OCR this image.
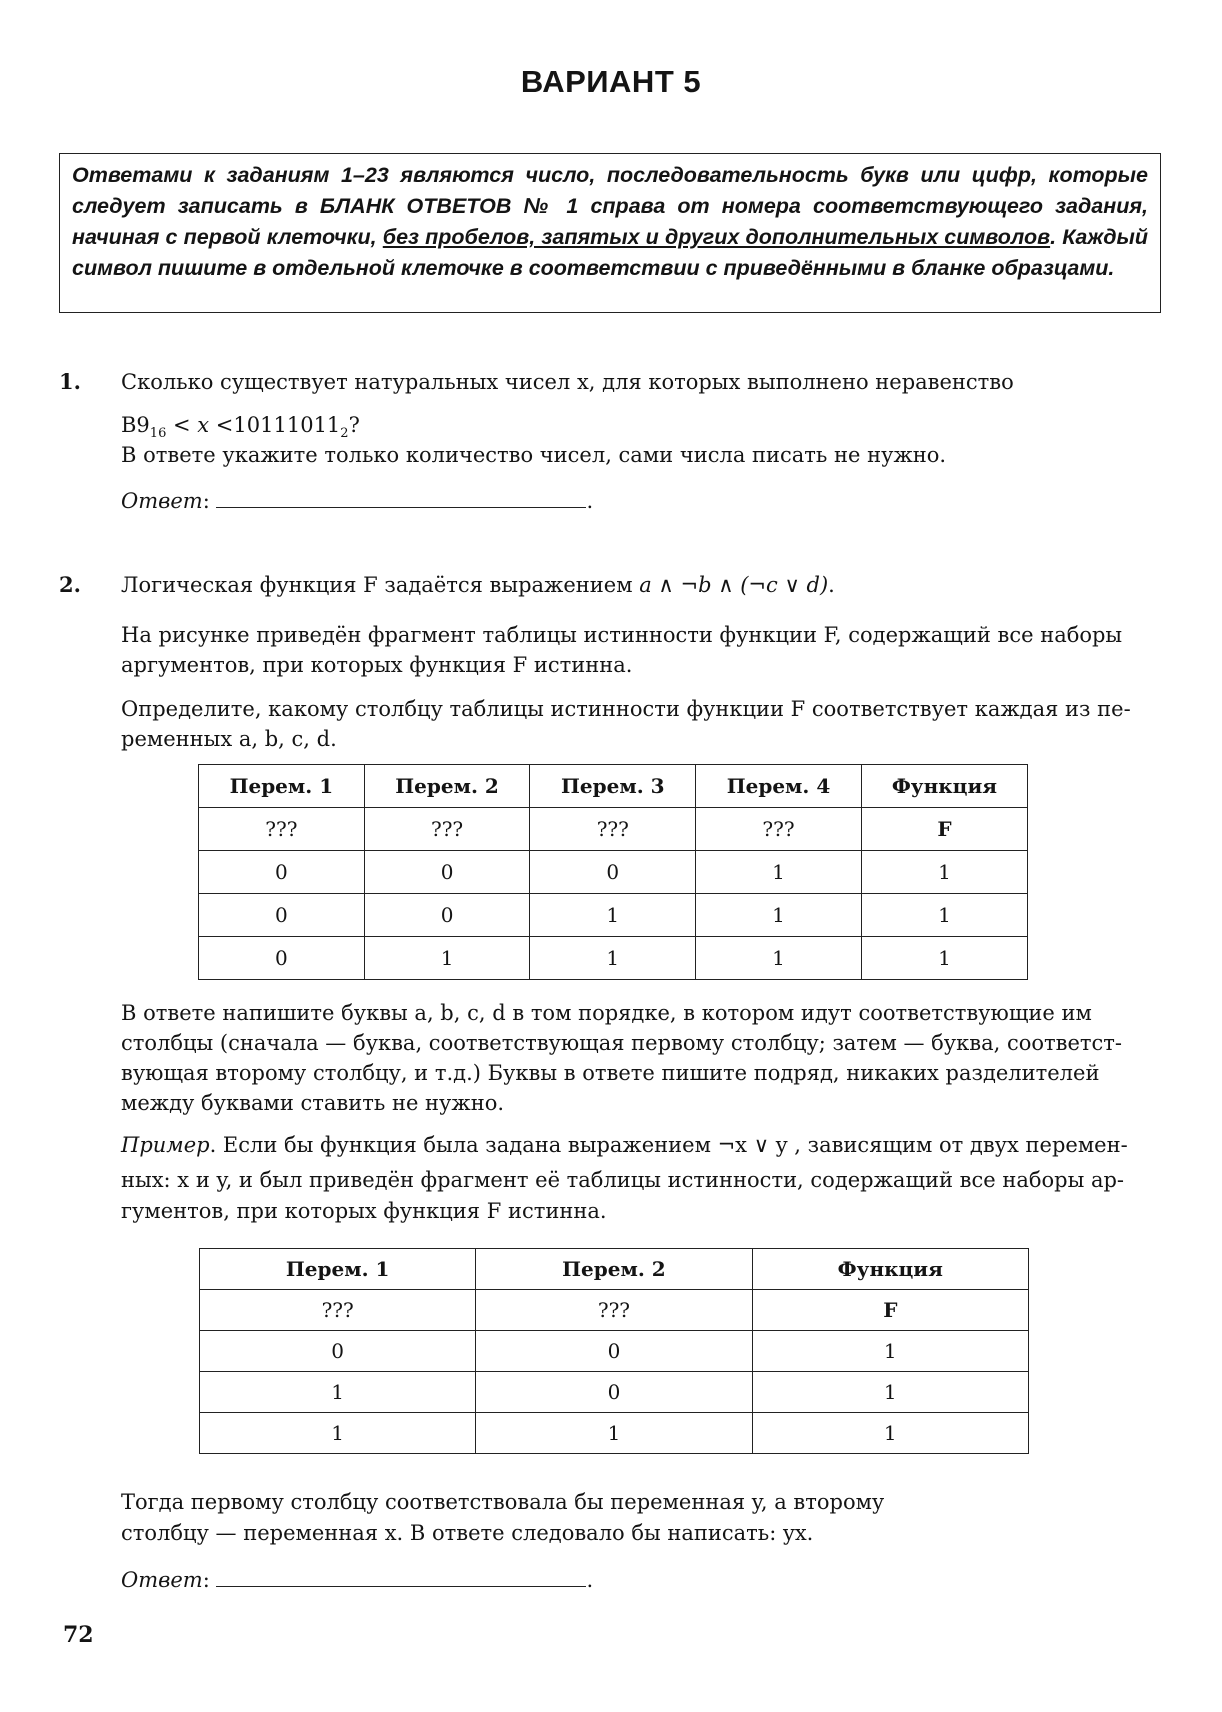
ВАРИАНТ 5
Ответами к заданиям 1–23 являются число, последовательность букв или цифр, которые следует записать в БЛАНК ОТВЕТОВ № 1 справа от номера соответствующего задания, начиная с первой клеточки, без пробелов, запятых и других дополнительных символов. Каждый символ пишите в отдельной клеточке в соответствии с приведёнными в бланке образцами.
1. Сколько существует натуральных чисел x, для которых выполнено неравенство
$B9_{16} < x <10111011_2$?
В ответе укажите только количество чисел, сами числа писать не нужно.
Ответ:	.
2. Логическая функция F задаётся выражением a ∧ ¬b ∧ (¬c ∨ d).
На рисунке приведён фрагмент таблицы истинности функции F, содержащий все наборы
аргументов, при которых функция F истинна.
Определите, какому столбцу таблицы истинности функции F соответствует каждая из пе-
ременных a, b, c, d.
Перем. 1	Перем. 2	Перем. 3	Перем. 4	Функция
???	???	???	???	F
0	0	0	1	1
0	0	1	1	1
0	1	1	1	1
В ответе напишите буквы a, b, c, d в том порядке, в котором идут соответствующие им
столбцы (сначала — буква, соответствующая первому столбцу; затем — буква, соответст-
вующая второму столбцу, и т.д.) Буквы в ответе пишите подряд, никаких разделителей
между буквами ставить не нужно.
Пример. Если бы функция была задана выражением ¬x ∨ y , зависящим от двух перемен-
ных: x и y, и был приведён фрагмент её таблицы истинности, содержащий все наборы ар-
гументов, при которых функция F истинна.
Перем. 1	Перем. 2	Функция
???	???	F
0	0	1
1	0	1
1	1	1
Тогда первому столбцу соответствовала бы переменная y, а второму
столбцу — переменная x. В ответе следовало бы написать: yx.
Ответ:	.
72
